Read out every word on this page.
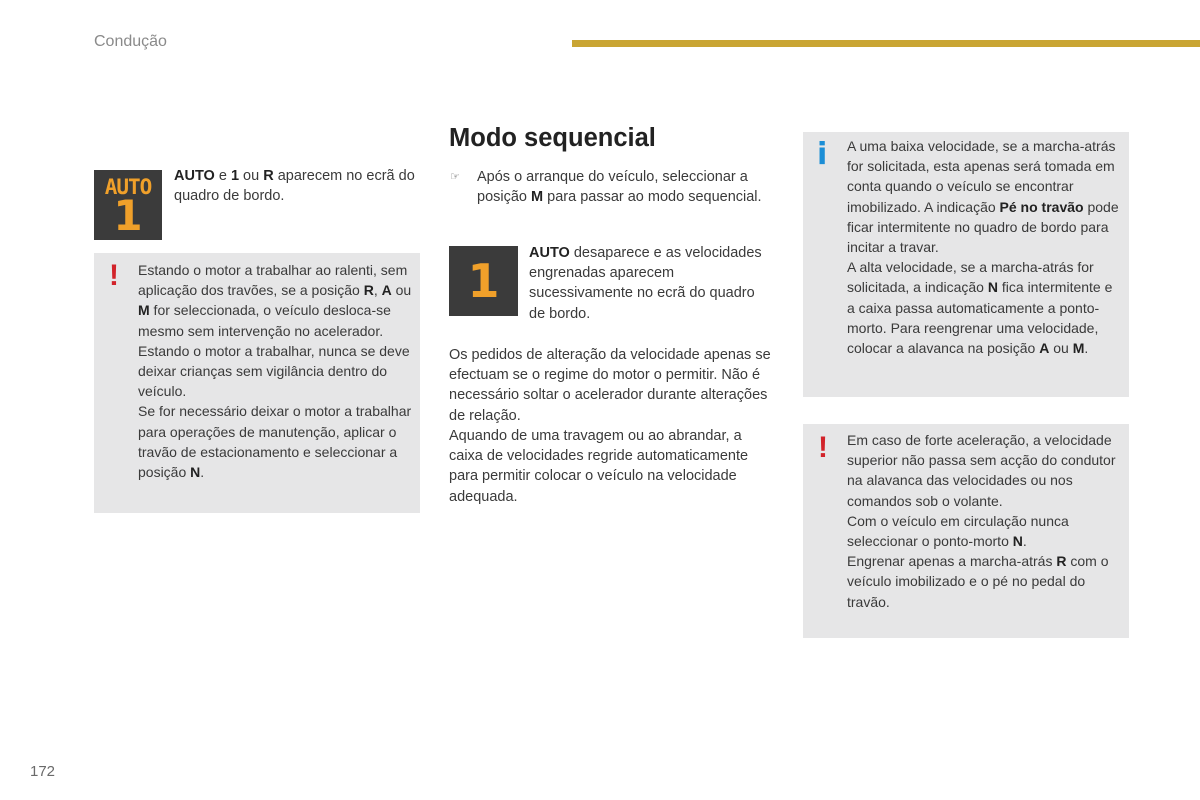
Condução

AUTO
1

AUTO e 1 ou R aparecem no ecrã do quadro de bordo.

! Estando o motor a trabalhar ao ralenti, sem aplicação dos travões, se a posição R, A ou M for seleccionada, o veículo desloca-se mesmo sem intervenção no acelerador. Estando o motor a trabalhar, nunca se deve deixar crianças sem vigilância dentro do veículo.
Se for necessário deixar o motor a trabalhar para operações de manutenção, aplicar o travão de estacionamento e seleccionar a posição N.

Modo sequencial
☞ Após o arranque do veículo, seleccionar a posição M para passar ao modo sequencial.

1

AUTO desaparece e as velocidades engrenadas aparecem sucessivamente no ecrã do quadro de bordo.

Os pedidos de alteração da velocidade apenas se efectuam se o regime do motor o permitir. Não é necessário soltar o acelerador durante alterações de relação.

Aquando de uma travagem ou ao abrandar, a caixa de velocidades regride automaticamente para permitir colocar o veículo na velocidade adequada.

i A uma baixa velocidade, se a marcha-atrás for solicitada, esta apenas será tomada em conta quando o veículo se encontrar imobilizado. A indicação Pé no travão pode ficar intermitente no quadro de bordo para incitar a travar.
A alta velocidade, se a marcha-atrás for solicitada, a indicação N fica intermitente e a caixa passa automaticamente a ponto-morto. Para reengrenar uma velocidade, colocar a alavanca na posição A ou M.

! Em caso de forte aceleração, a velocidade superior não passa sem acção do condutor na alavanca das velocidades ou nos comandos sob o volante.
Com o veículo em circulação nunca seleccionar o ponto-morto N.
Engrenar apenas a marcha-atrás R com o veículo imobilizado e o pé no pedal do travão.

172
